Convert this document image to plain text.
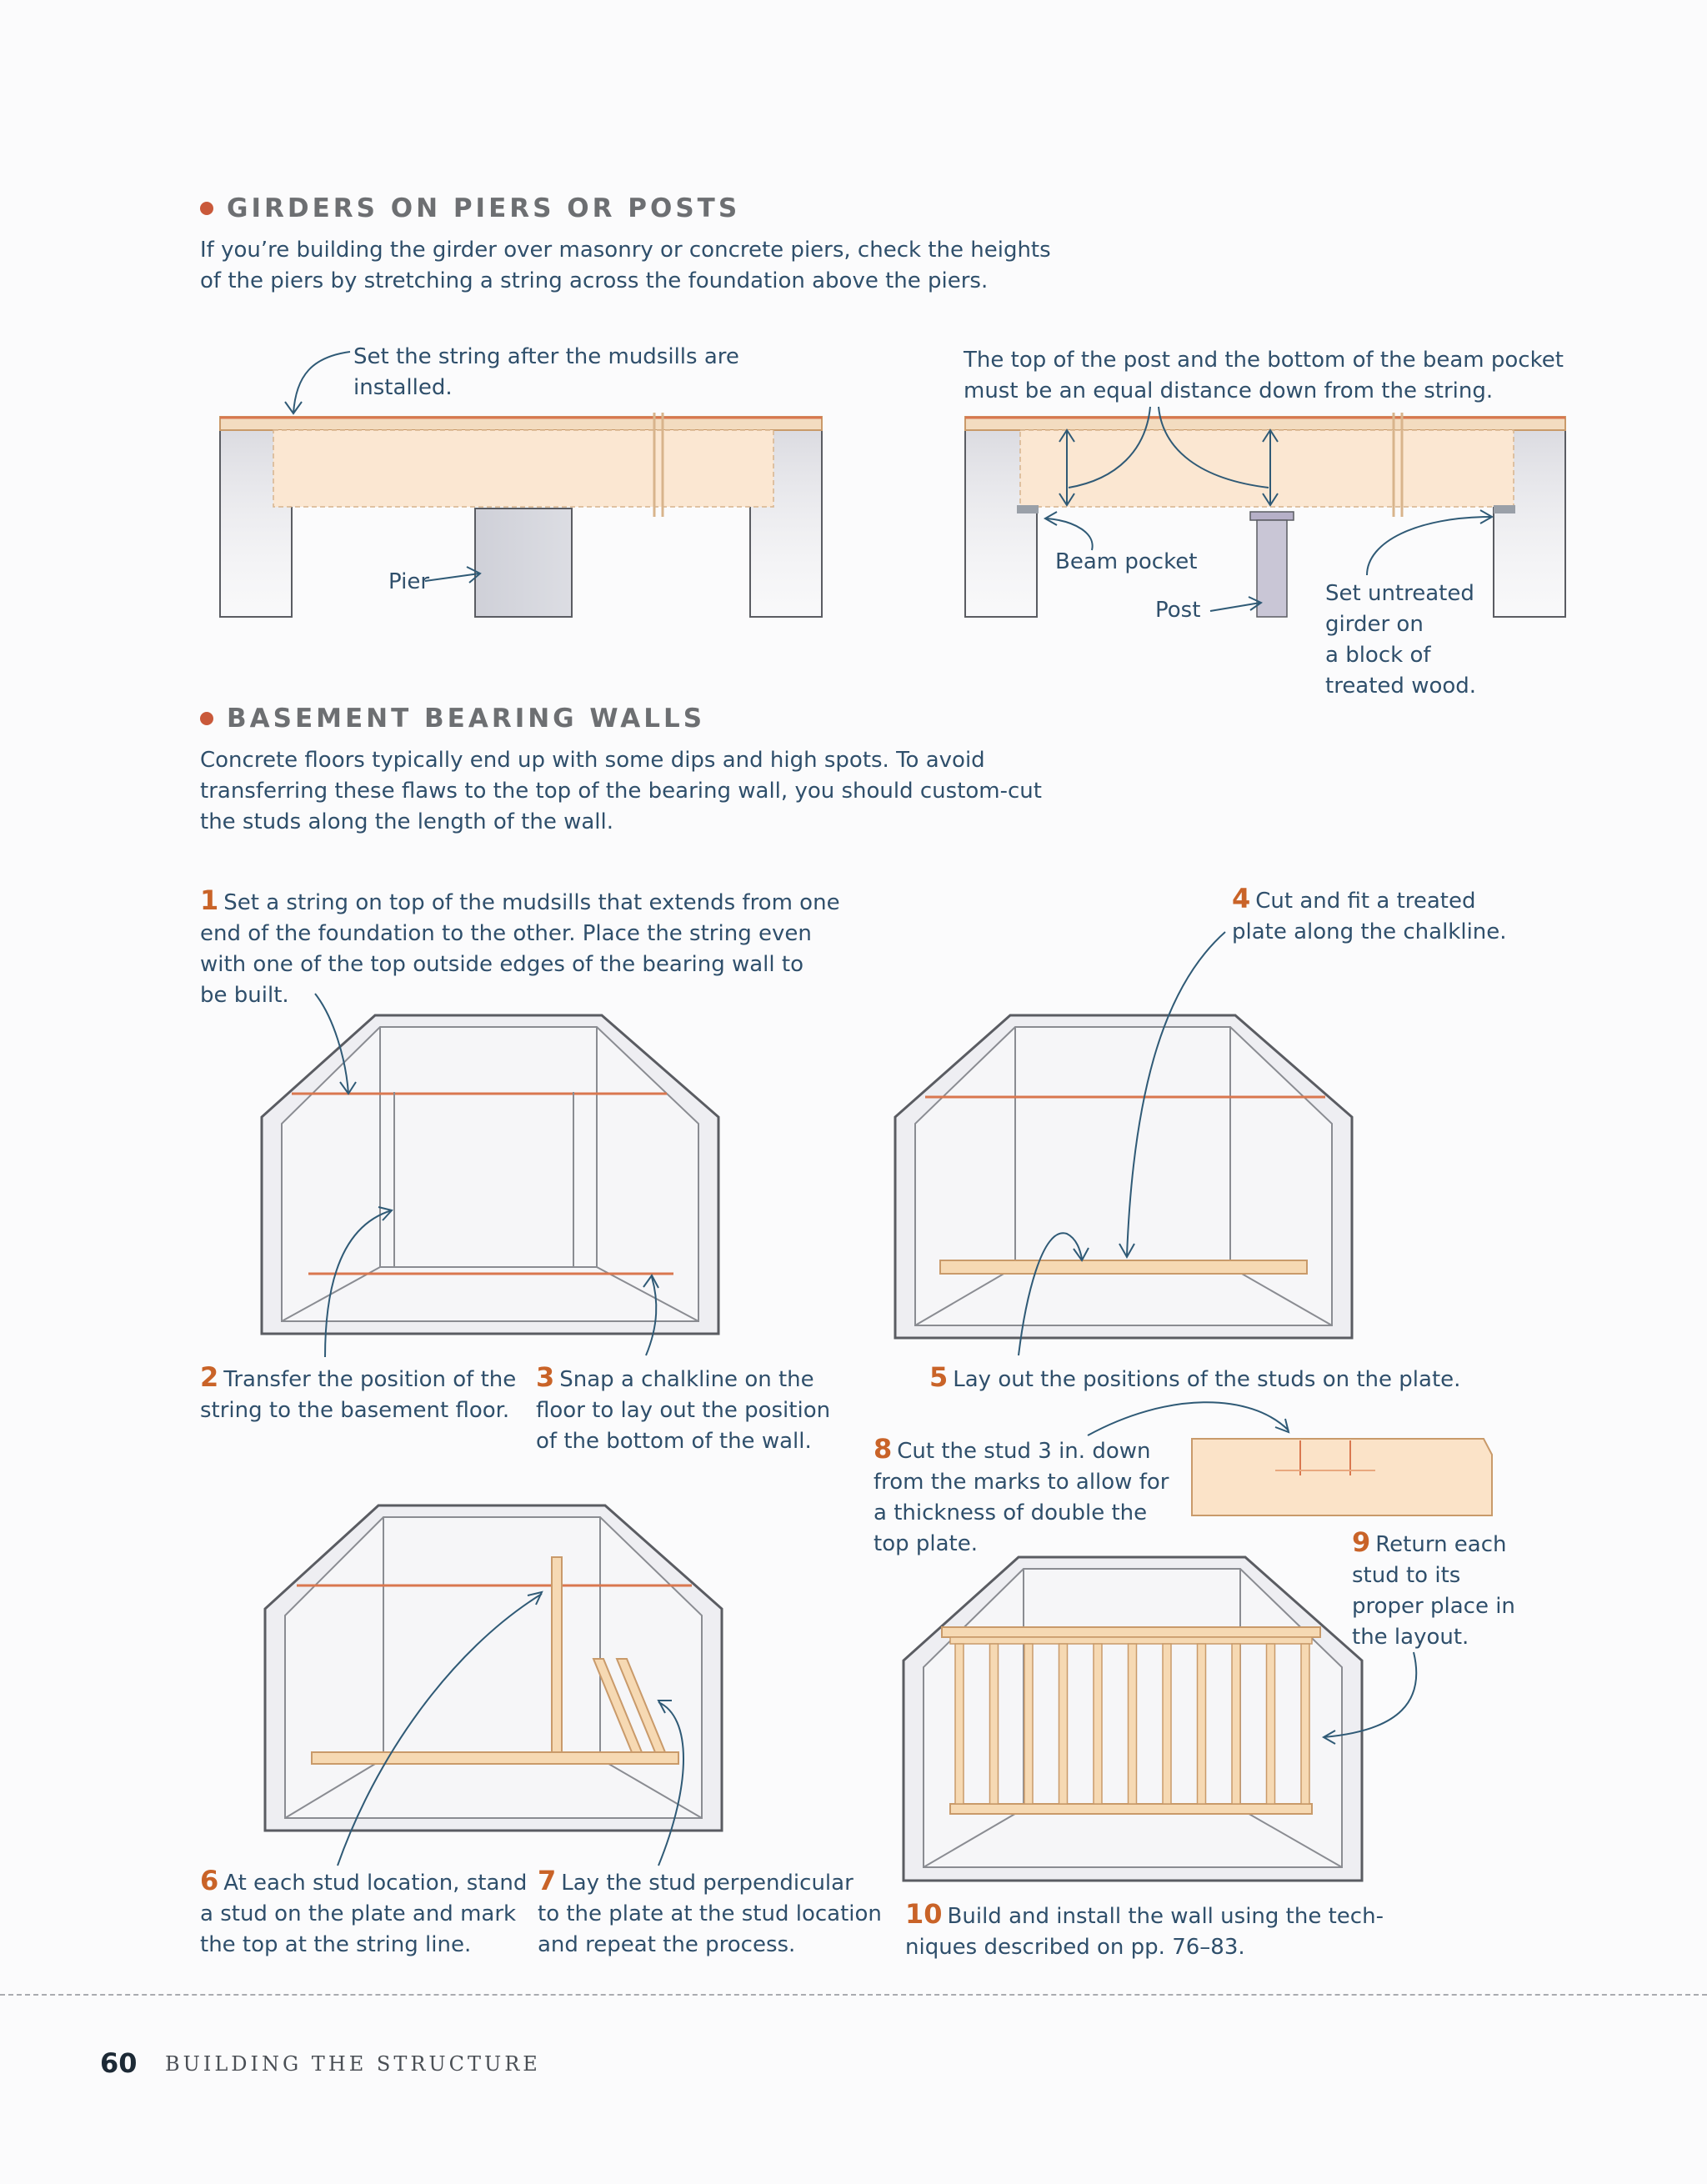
GIRDERS ON PIERS OR POSTS
If you’re building the girder over masonry or concrete piers, check the heights
of the piers by stretching a string across the foundation above the piers.
Set the string after the mudsills are
installed.
Pier
The top of the post and the bottom of the beam pocket
must be an equal distance down from the string.
Beam pocket
Post
Set untreated
girder on
a block of
treated wood.
BASEMENT BEARING WALLS
Concrete floors typically end up with some dips and high spots. To avoid
transferring these flaws to the top of the bearing wall, you should custom-cut
the studs along the length of the wall.
1 Set a string on top of the mudsills that extends from one
end of the foundation to the other. Place the string even
with one of the top outside edges of the bearing wall to
be built.
2 Transfer the position of the
string to the basement floor.
3 Snap a chalkline on the
floor to lay out the position
of the bottom of the wall.
4 Cut and fit a treated
plate along the chalkline.
5 Lay out the positions of the studs on the plate.
6 At each stud location, stand
a stud on the plate and mark
the top at the string line.
7 Lay the stud perpendicular
to the plate at the stud location
and repeat the process.
8 Cut the stud 3 in. down
from the marks to allow for
a thickness of double the
top plate.	9 Return each
stud to its
proper place in
the layout.
10 Build and install the wall using the tech-
niques described on pp. 76–83.
60 BUILDING THE STRUCTURE
